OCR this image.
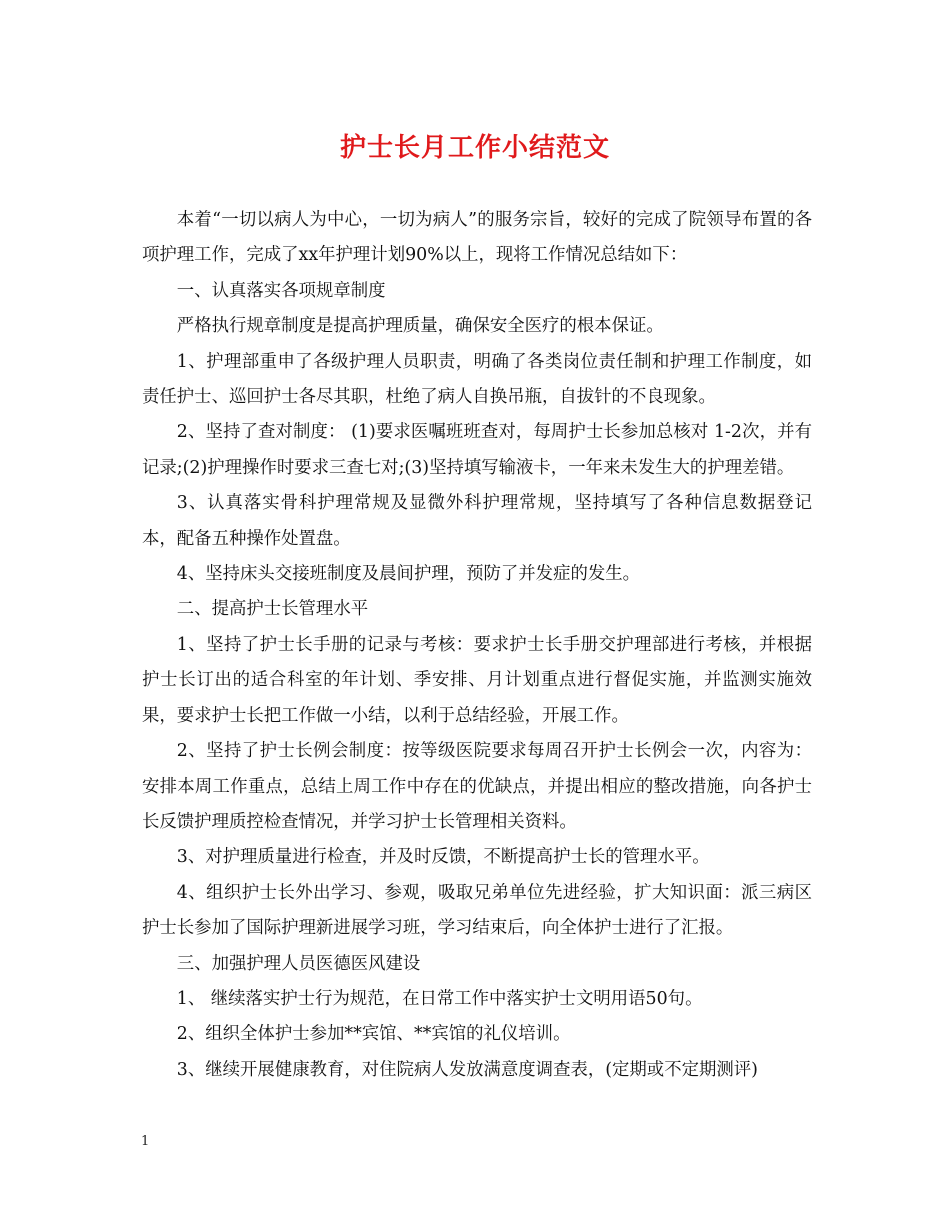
护士长月工作小结范文

本着“一切以病人为中心，一切为病人”的服务宗旨，较好的完成了院领导布置的各项护理工作，完成了xx年护理计划90%以上，现将工作情况总结如下：

一、认真落实各项规章制度

严格执行规章制度是提高护理质量，确保安全医疗的根本保证。

1、护理部重申了各级护理人员职责，明确了各类岗位责任制和护理工作制度，如责任护士、巡回护士各尽其职，杜绝了病人自换吊瓶，自拔针的不良现象。

2、坚持了查对制度： (1)要求医嘱班班查对，每周护士长参加总核对 1-2次，并有记录;(2)护理操作时要求三查七对;(3)坚持填写输液卡，一年来未发生大的护理差错。

3、认真落实骨科护理常规及显微外科护理常规，坚持填写了各种信息数据登记本，配备五种操作处置盘。

4、坚持床头交接班制度及晨间护理，预防了并发症的发生。

二、提高护士长管理水平

1、坚持了护士长手册的记录与考核：要求护士长手册交护理部进行考核，并根据护士长订出的适合科室的年计划、季安排、月计划重点进行督促实施，并监测实施效果，要求护士长把工作做一小结，以利于总结经验，开展工作。

2、坚持了护士长例会制度：按等级医院要求每周召开护士长例会一次，内容为：安排本周工作重点，总结上周工作中存在的优缺点，并提出相应的整改措施，向各护士长反馈护理质控检查情况，并学习护士长管理相关资料。

3、对护理质量进行检查，并及时反馈，不断提高护士长的管理水平。

4、组织护士长外出学习、参观，吸取兄弟单位先进经验，扩大知识面：派三病区护士长参加了国际护理新进展学习班，学习结束后，向全体护士进行了汇报。

三、加强护理人员医德医风建设

1、 继续落实护士行为规范，在日常工作中落实护士文明用语50句。

2、组织全体护士参加**宾馆、**宾馆的礼仪培训。

3、继续开展健康教育，对住院病人发放满意度调查表，(定期或不定期测评)

1
